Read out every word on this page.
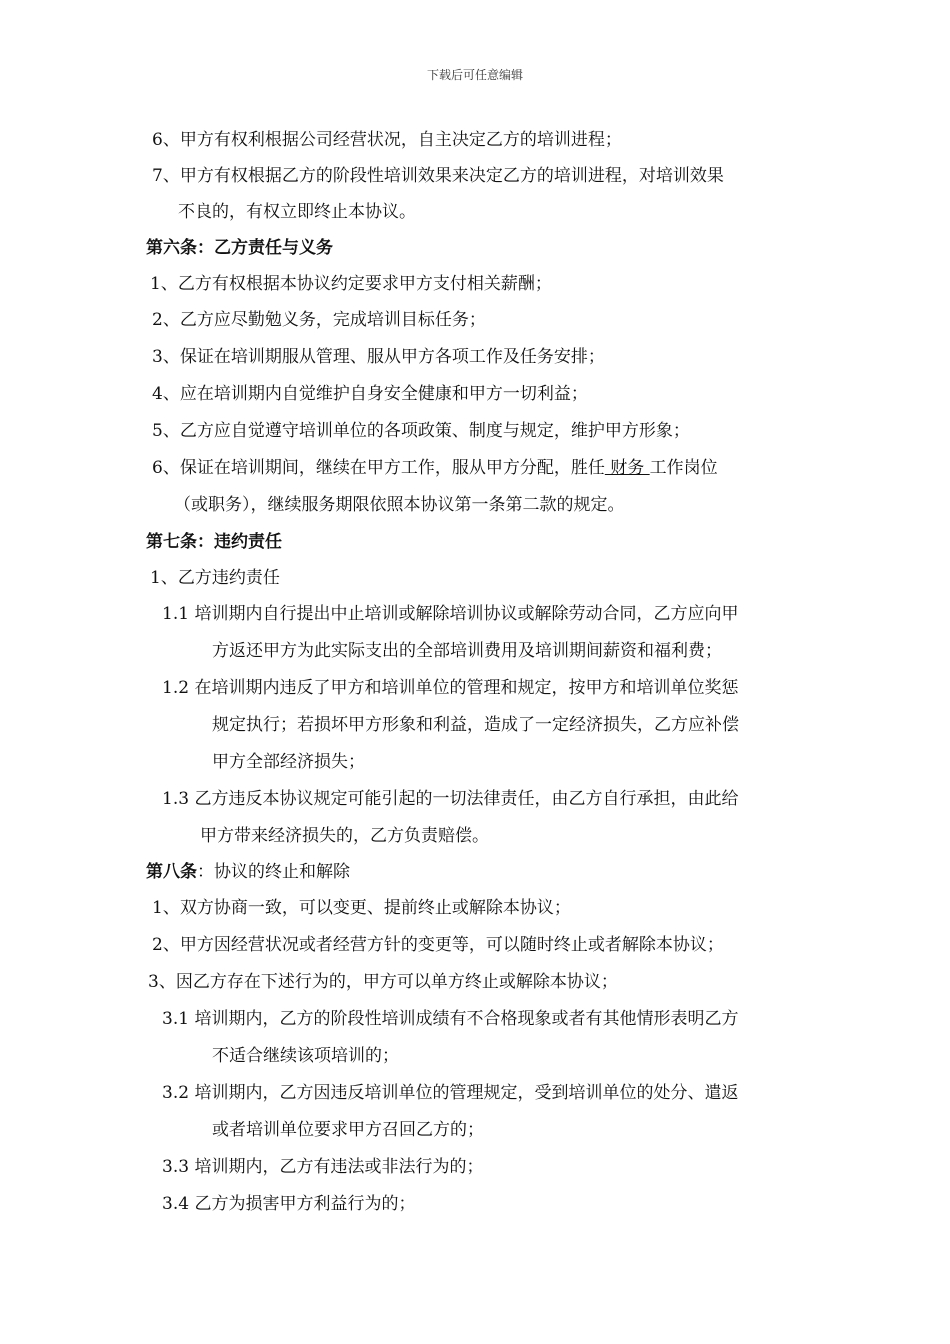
下载后可任意编辑
6、甲方有权利根据公司经营状况，自主决定乙方的培训进程；
7、甲方有权根据乙方的阶段性培训效果来决定乙方的培训进程，对培训效果
不良的，有权立即终止本协议。
第六条：乙方责任与义务
1、乙方有权根据本协议约定要求甲方支付相关薪酬；
2、乙方应尽勤勉义务，完成培训目标任务；
3、保证在培训期服从管理、服从甲方各项工作及任务安排；
4、应在培训期内自觉维护自身安全健康和甲方一切利益；
5、乙方应自觉遵守培训单位的各项政策、制度与规定，维护甲方形象；
6、保证在培训期间，继续在甲方工作，服从甲方分配，胜任 财务 工作岗位
（或职务），继续服务期限依照本协议第一条第二款的规定。
第七条：违约责任
1、乙方违约责任
1.1 培训期内自行提出中止培训或解除培训协议或解除劳动合同，乙方应向甲
方返还甲方为此实际支出的全部培训费用及培训期间薪资和福利费；
1.2 在培训期内违反了甲方和培训单位的管理和规定，按甲方和培训单位奖惩
规定执行；若损坏甲方形象和利益，造成了一定经济损失，乙方应补偿
甲方全部经济损失；
1.3 乙方违反本协议规定可能引起的一切法律责任，由乙方自行承担，由此给
甲方带来经济损失的，乙方负责赔偿。
第八条：协议的终止和解除
1、双方协商一致，可以变更、提前终止或解除本协议；
2、甲方因经营状况或者经营方针的变更等，可以随时终止或者解除本协议；
3、因乙方存在下述行为的，甲方可以单方终止或解除本协议；
3.1 培训期内，乙方的阶段性培训成绩有不合格现象或者有其他情形表明乙方
不适合继续该项培训的；
3.2 培训期内，乙方因违反培训单位的管理规定，受到培训单位的处分、遣返
或者培训单位要求甲方召回乙方的；
3.3 培训期内，乙方有违法或非法行为的；
3.4 乙方为损害甲方利益行为的；
